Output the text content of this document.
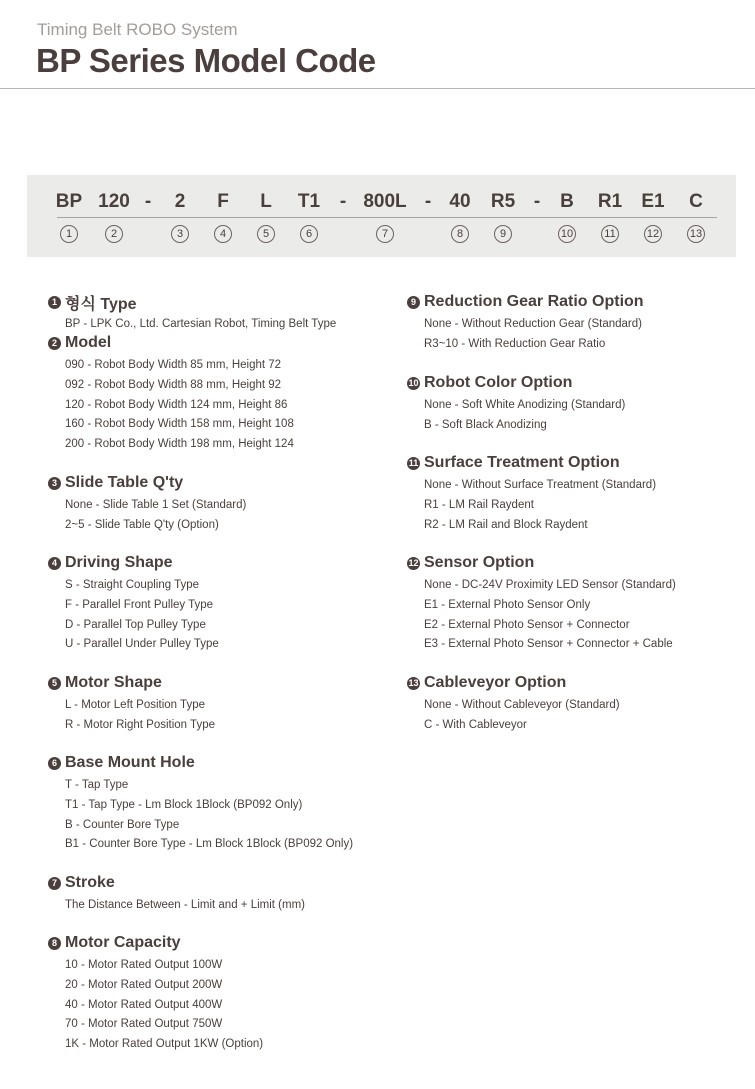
Timing Belt ROBO System
BP Series Model Code
BP 120 - 2 F L T1 - 800L - 40 R5 - B R1 E1 C
1	2	3	4	5	6	7	8	9	10	11	12	13
1 형식 Type
BP - LPK Co., Ltd. Cartesian Robot, Timing Belt Type
2 Model
090 - Robot Body Width 85 mm, Height 72
092 - Robot Body Width 88 mm, Height 92
120 - Robot Body Width 124 mm, Height 86
160 - Robot Body Width 158 mm, Height 108
200 - Robot Body Width 198 mm, Height 124
3 Slide Table Q'ty
None - Slide Table 1 Set (Standard)
2~5 - Slide Table Q'ty (Option)
4 Driving Shape
S - Straight Coupling Type
F - Parallel Front Pulley Type
D - Parallel Top Pulley Type
U - Parallel Under Pulley Type
5 Motor Shape
L - Motor Left Position Type
R - Motor Right Position Type
6 Base Mount Hole
T - Tap Type
T1 - Tap Type - Lm Block 1Block (BP092 Only)
B - Counter Bore Type
B1 - Counter Bore Type - Lm Block 1Block (BP092 Only)
7 Stroke
The Distance Between - Limit and + Limit (mm)
8 Motor Capacity
10 - Motor Rated Output 100W
20 - Motor Rated Output 200W
40 - Motor Rated Output 400W
70 - Motor Rated Output 750W
1K - Motor Rated Output 1KW (Option)
9 Reduction Gear Ratio Option
None - Without Reduction Gear (Standard)
R3~10 - With Reduction Gear Ratio
10 Robot Color Option
None - Soft White Anodizing (Standard)
B - Soft Black Anodizing
11 Surface Treatment Option
None - Without Surface Treatment (Standard)
R1 - LM Rail Raydent
R2 - LM Rail and Block Raydent
12 Sensor Option
None - DC-24V Proximity LED Sensor (Standard)
E1 - External Photo Sensor Only
E2 - External Photo Sensor + Connector
E3 - External Photo Sensor + Connector + Cable
13 Cableveyor Option
None - Without Cableveyor (Standard)
C - With Cableveyor
